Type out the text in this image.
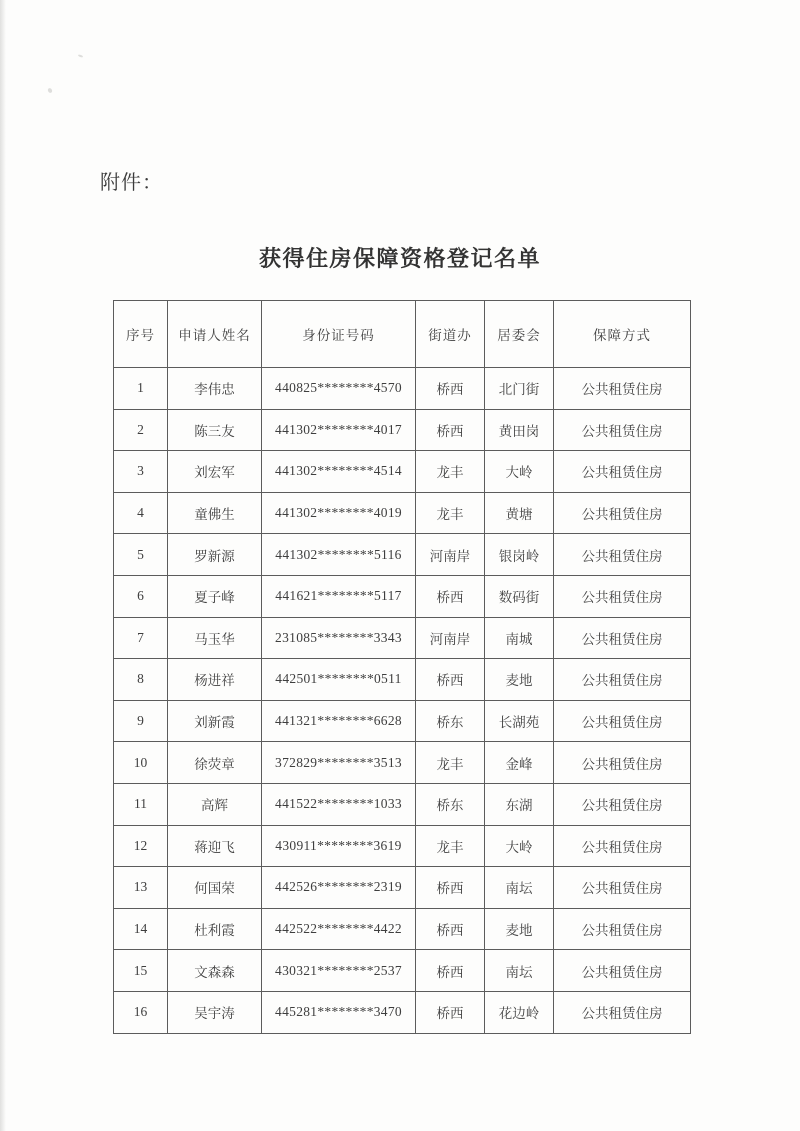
附件：
获得住房保障资格登记名单
序号	申请人姓名	身份证号码	街道办	居委会	保障方式
1	李伟忠	440825********4570	桥西	北门街	公共租赁住房
2	陈三友	441302********4017	桥西	黄田岗	公共租赁住房
3	刘宏军	441302********4514	龙丰	大岭	公共租赁住房
4	童佛生	441302********4019	龙丰	黄塘	公共租赁住房
5	罗新源	441302********5116	河南岸	银岗岭	公共租赁住房
6	夏子峰	441621********5117	桥西	数码街	公共租赁住房
7	马玉华	231085********3343	河南岸	南城	公共租赁住房
8	杨进祥	442501********0511	桥西	麦地	公共租赁住房
9	刘新霞	441321********6628	桥东	长湖苑	公共租赁住房
10	徐荧章	372829********3513	龙丰	金峰	公共租赁住房
11	高辉	441522********1033	桥东	东湖	公共租赁住房
12	蒋迎飞	430911********3619	龙丰	大岭	公共租赁住房
13	何国荣	442526********2319	桥西	南坛	公共租赁住房
14	杜利霞	442522********4422	桥西	麦地	公共租赁住房
15	文森森	430321********2537	桥西	南坛	公共租赁住房
16	吴宇涛	445281********3470	桥西	花边岭	公共租赁住房
